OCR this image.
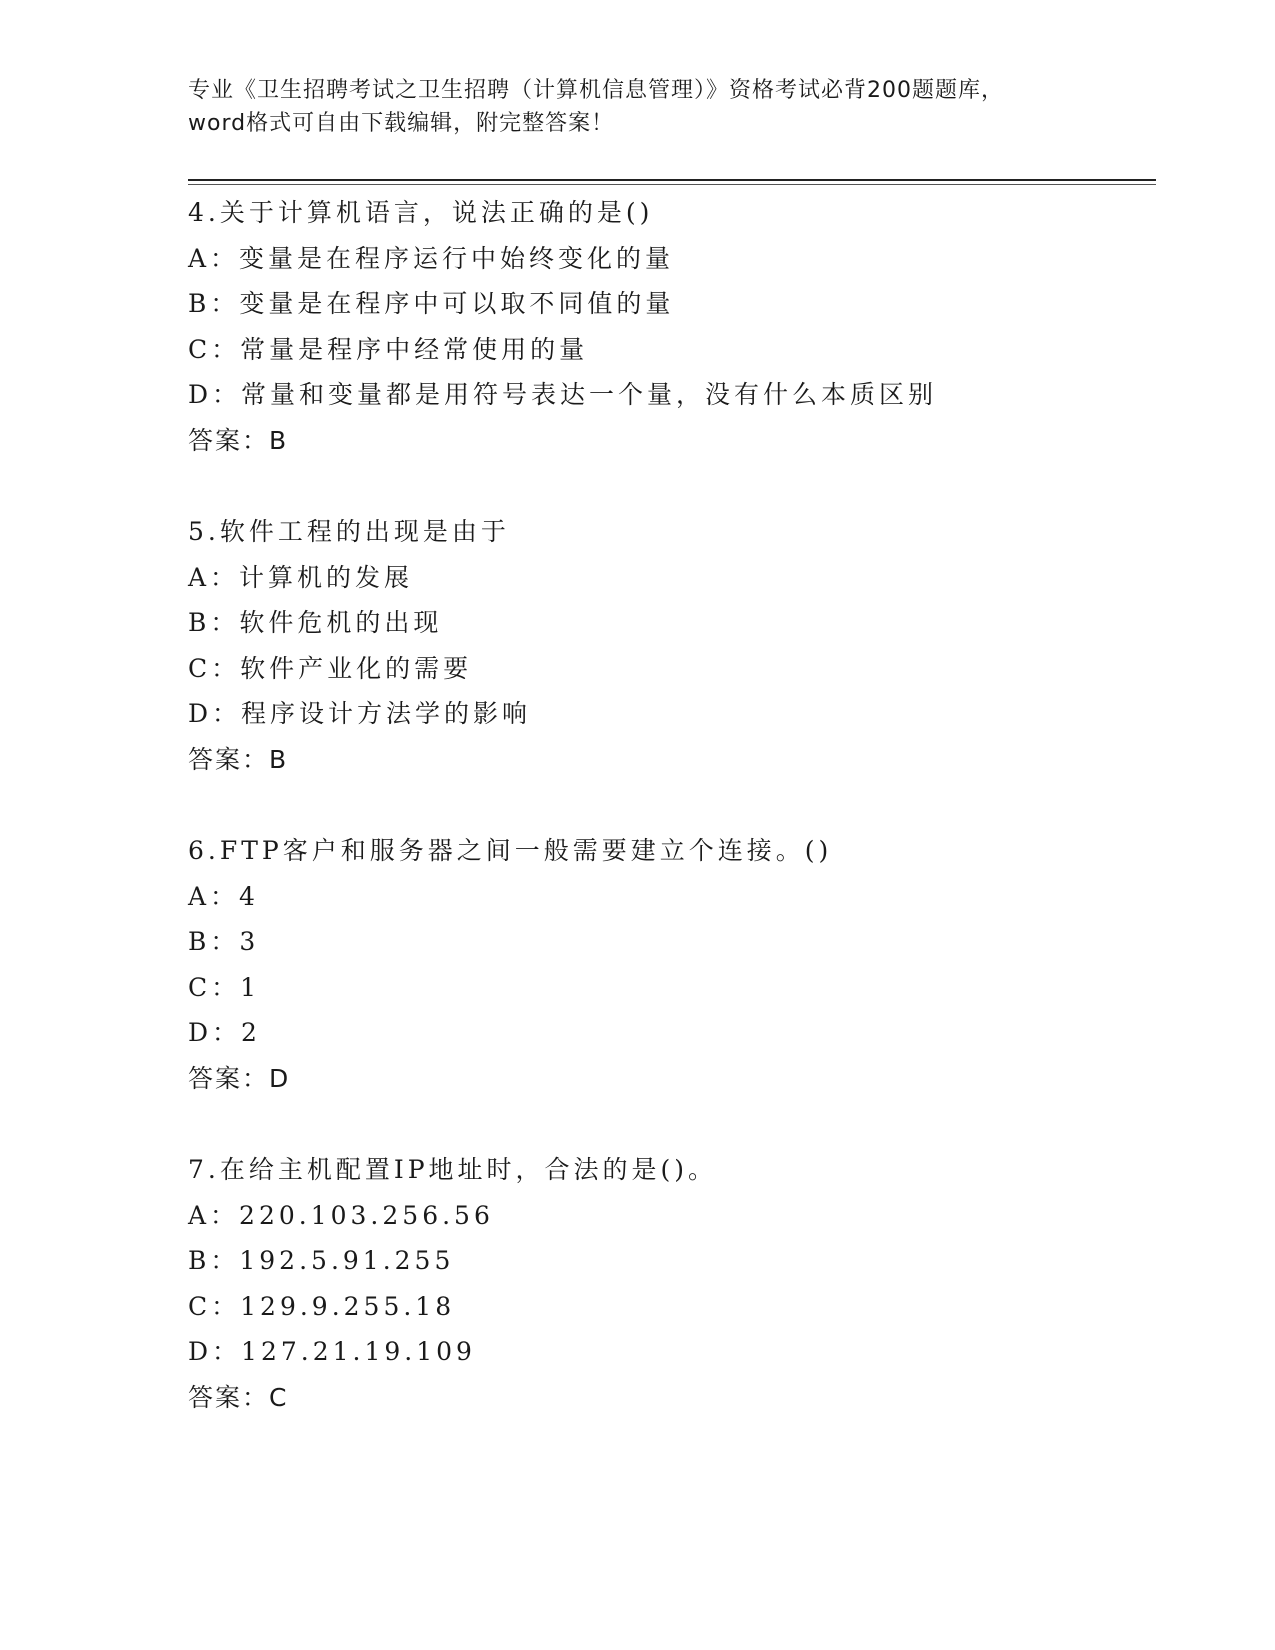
专业《卫生招聘考试之卫生招聘（计算机信息管理）》资格考试必背200题题库，
word格式可自由下载编辑，附完整答案！
4.关于计算机语言，说法正确的是()
A：变量是在程序运行中始终变化的量
B：变量是在程序中可以取不同值的量
C：常量是程序中经常使用的量
D：常量和变量都是用符号表达一个量，没有什么本质区别
答案：B
5.软件工程的出现是由于
A：计算机的发展
B：软件危机的出现
C：软件产业化的需要
D：程序设计方法学的影响
答案：B
6.FTP客户和服务器之间一般需要建立个连接。()
A：4
B：3
C：1
D：2
答案：D
7.在给主机配置IP地址时，合法的是()。
A：220.103.256.56
B：192.5.91.255
C：129.9.255.18
D：127.21.19.109
答案：C
